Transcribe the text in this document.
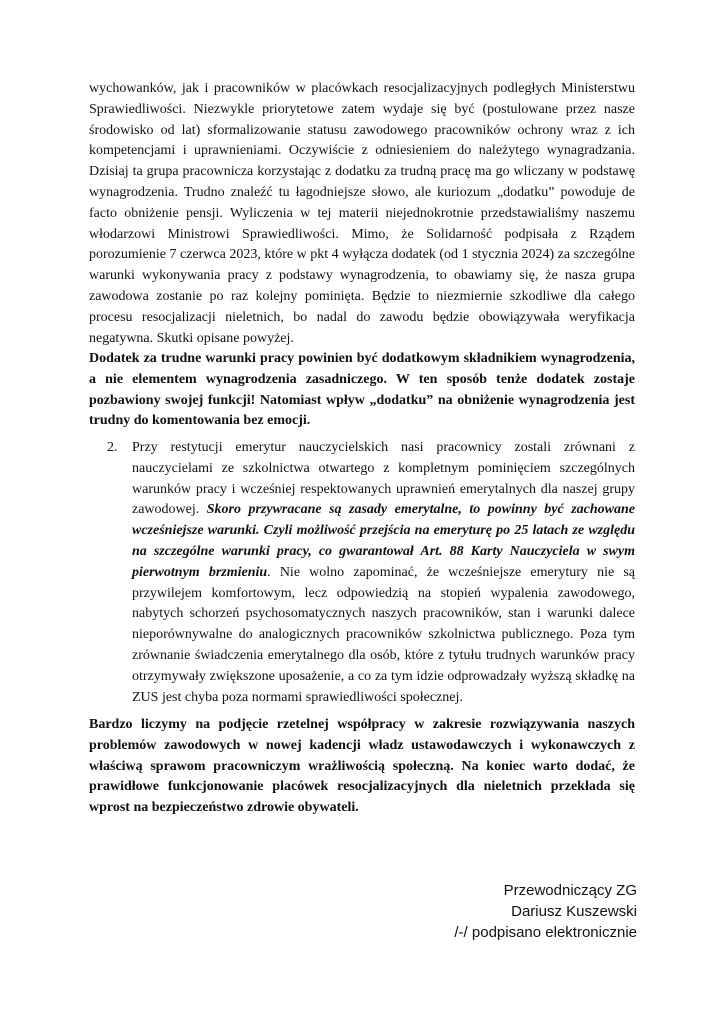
wychowanków, jak i pracowników w placówkach resocjalizacyjnych podległych Ministerstwu Sprawiedliwości. Niezwykle priorytetowe zatem wydaje się być (postulowane przez nasze środowisko od lat) sformalizowanie statusu zawodowego pracowników ochrony wraz z ich kompetencjami i uprawnieniami. Oczywiście z odniesieniem do należytego wynagradzania. Dzisiaj ta grupa pracownicza korzystając z dodatku za trudną pracę ma go wliczany w podstawę wynagrodzenia. Trudno znaleźć tu łagodniejsze słowo, ale kuriozum „dodatku” powoduje de facto obniżenie pensji. Wyliczenia w tej materii niejednokrotnie przedstawialiśmy naszemu włodarzowi Ministrowi Sprawiedliwości. Mimo, że Solidarność podpisała z Rządem porozumienie 7 czerwca 2023, które w pkt 4 wyłącza dodatek (od 1 stycznia 2024) za szczególne warunki wykonywania pracy z podstawy wynagrodzenia, to obawiamy się, że nasza grupa zawodowa zostanie po raz kolejny pominięta. Będzie to niezmiernie szkodliwe dla całego procesu resocjalizacji nieletnich, bo nadal do zawodu będzie obowiązywała weryfikacja negatywna. Skutki opisane powyżej.
Dodatek za trudne warunki pracy powinien być dodatkowym składnikiem wynagrodzenia, a nie elementem wynagrodzenia zasadniczego. W ten sposób tenże dodatek zostaje pozbawiony swojej funkcji! Natomiast wpływ „dodatku” na obniżenie wynagrodzenia jest trudny do komentowania bez emocji.
2. Przy restytucji emerytur nauczycielskich nasi pracownicy zostali zrównani z nauczycielami ze szkolnictwa otwartego z kompletnym pominięciem szczególnych warunków pracy i wcześniej respektowanych uprawnień emerytalnych dla naszej grupy zawodowej. Skoro przywracane są zasady emerytalne, to powinny być zachowane wcześniejsze warunki. Czyli możliwość przejścia na emeryturę po 25 latach ze względu na szczególne warunki pracy, co gwarantował Art. 88 Karty Nauczyciela w swym pierwotnym brzmieniu. Nie wolno zapominać, że wcześniejsze emerytury nie są przywilejem komfortowym, lecz odpowiedzią na stopień wypalenia zawodowego, nabytych schorzeń psychosomatycznych naszych pracowników, stan i warunki dalece nieporównywalne do analogicznych pracowników szkolnictwa publicznego. Poza tym zrównanie świadczenia emerytalnego dla osób, które z tytułu trudnych warunków pracy otrzymywały zwiększone uposażenie, a co za tym idzie odprowadzały wyższą składkę na ZUS jest chyba poza normami sprawiedliwości społecznej.
Bardzo liczymy na podjęcie rzetelnej współpracy w zakresie rozwiązywania naszych problemów zawodowych w nowej kadencji władz ustawodawczych i wykonawczych z właściwą sprawom pracowniczym wrażliwością społeczną. Na koniec warto dodać, że prawidłowe funkcjonowanie placówek resocjalizacyjnych dla nieletnich przekłada się wprost na bezpieczeństwo zdrowie obywateli.
Przewodniczący ZG
Dariusz Kuszewski
/-/ podpisano elektronicznie
